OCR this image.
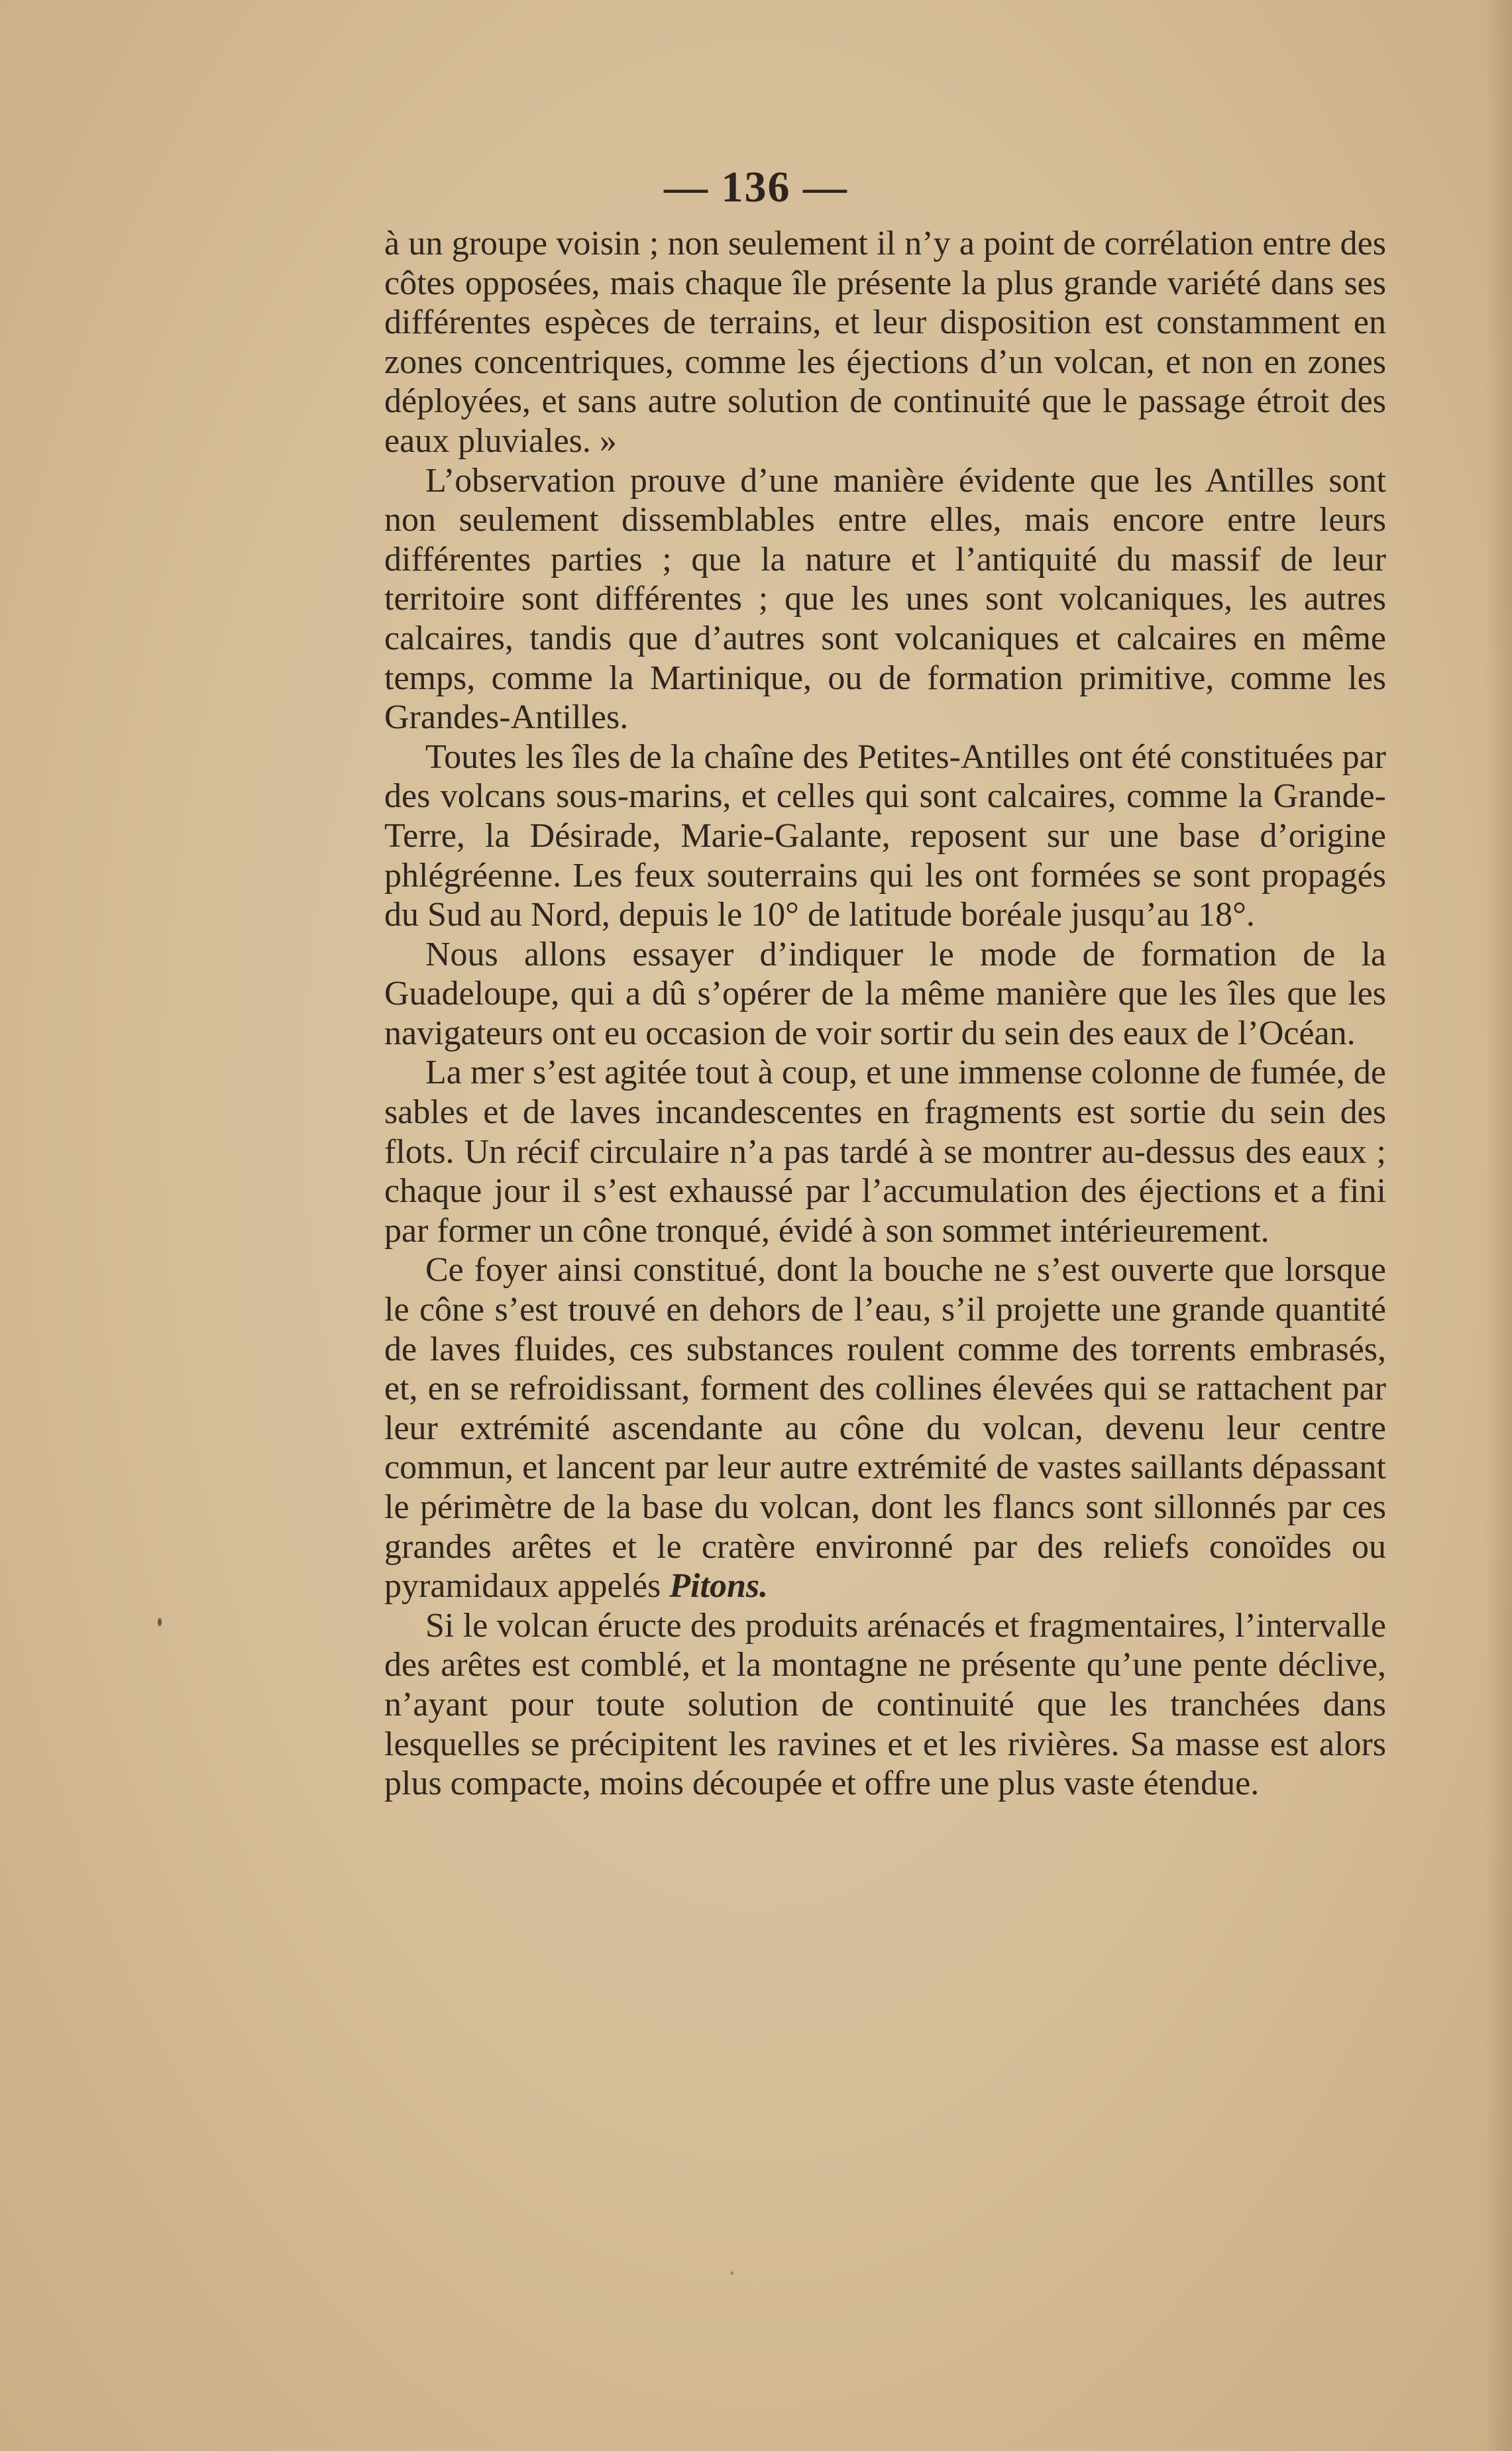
— 136 —

à un groupe voisin ; non seulement il n’y a point de corrélation entre des côtes opposées, mais chaque île présente la plus grande variété dans ses différentes espèces de terrains, et leur disposition est constamment en zones concentriques, comme les éjections d’un volcan, et non en zones déployées, et sans autre solution de continuité que le passage étroit des eaux pluviales. »

L’observation prouve d’une manière évidente que les Antilles sont non seulement dissemblables entre elles, mais encore entre leurs différentes parties ; que la nature et l’antiquité du massif de leur territoire sont différentes ; que les unes sont volcaniques, les autres calcaires, tandis que d’autres sont volcaniques et calcaires en même temps, comme la Martinique, ou de formation primitive, comme les Grandes-Antilles.

Toutes les îles de la chaîne des Petites-Antilles ont été constituées par des volcans sous-marins, et celles qui sont calcaires, comme la Grande-Terre, la Désirade, Marie-Galante, reposent sur une base d’origine phlégréenne. Les feux souterrains qui les ont formées se sont propagés du Sud au Nord, depuis le 10° de latitude boréale jusqu’au 18°.

Nous allons essayer d’indiquer le mode de formation de la Guadeloupe, qui a dû s’opérer de la même manière que les îles que les navigateurs ont eu occasion de voir sortir du sein des eaux de l’Océan.

La mer s’est agitée tout à coup, et une immense colonne de fumée, de sables et de laves incandescentes en fragments est sortie du sein des flots. Un récif circulaire n’a pas tardé à se montrer au-dessus des eaux ; chaque jour il s’est exhaussé par l’accumulation des éjections et a fini par former un cône tronqué, évidé à son sommet intérieurement.

Ce foyer ainsi constitué, dont la bouche ne s’est ouverte que lorsque le cône s’est trouvé en dehors de l’eau, s’il projette une grande quantité de laves fluides, ces substances roulent comme des torrents embrasés, et, en se refroidissant, forment des collines élevées qui se rattachent par leur extrémité ascendante au cône du volcan, devenu leur centre commun, et lancent par leur autre extrémité de vastes saillants dépassant le périmètre de la base du volcan, dont les flancs sont sillonnés par ces grandes arêtes et le cratère environné par des reliefs conoïdes ou pyramidaux appelés Pitons.

Si le volcan éructe des produits arénacés et fragmentaires, l’intervalle des arêtes est comblé, et la montagne ne présente qu’une pente déclive, n’ayant pour toute solution de continuité que les tranchées dans lesquelles se précipitent les ravines et et les rivières. Sa masse est alors plus compacte, moins découpée et offre une plus vaste étendue.
